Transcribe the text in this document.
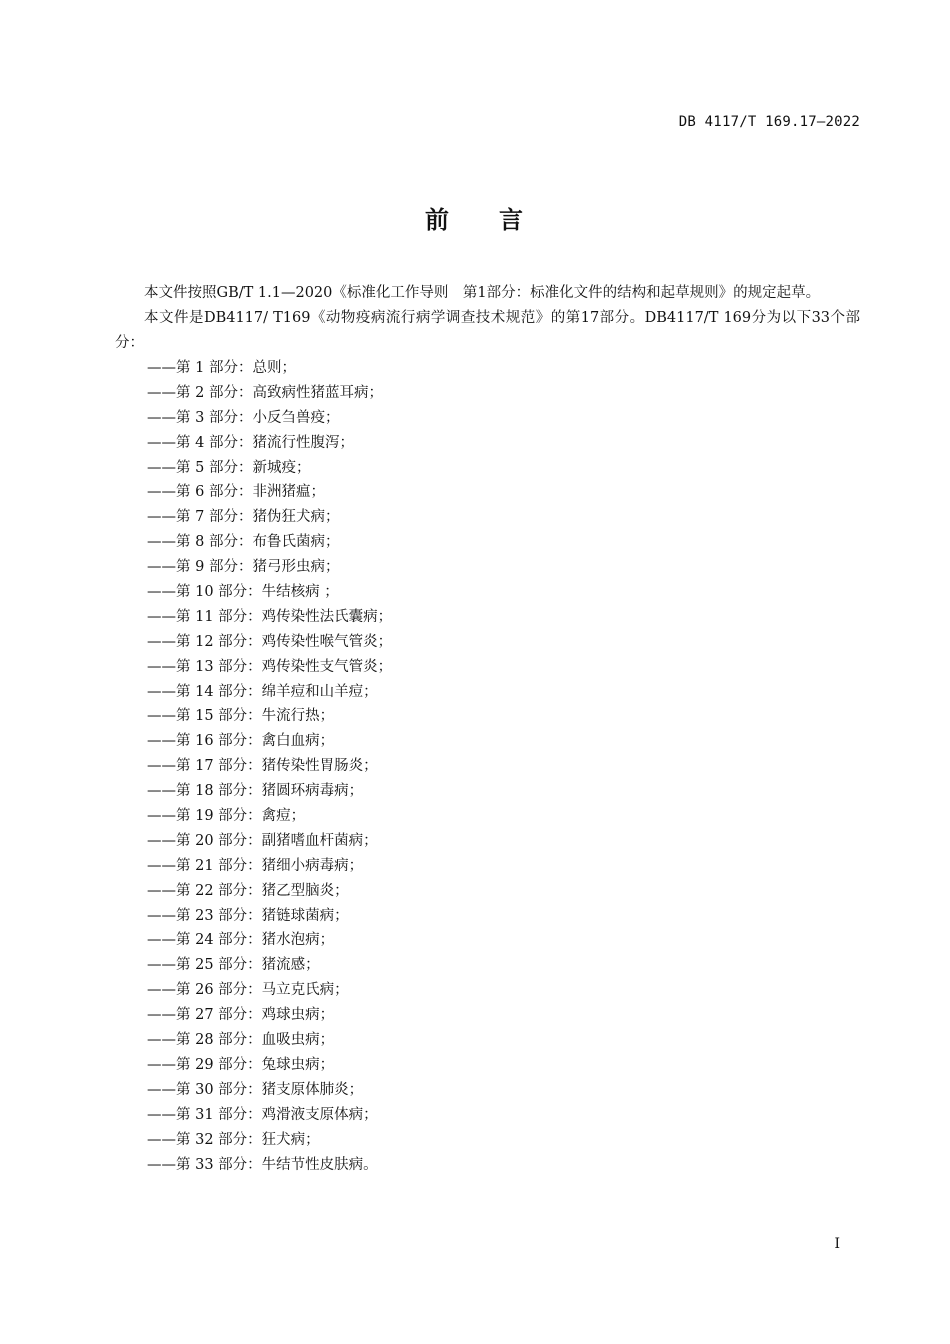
DB 4117/T 169.17—2022
前 言

本文件按照GB/T 1.1—2020《标准化工作导则　第1部分：标准化文件的结构和起草规则》的规定起草。

本文件是DB4117/ T169《动物疫病流行病学调查技术规范》的第17部分。DB4117/T 169分为以下33个部分：

——第 1 部分：总则；
——第 2 部分：高致病性猪蓝耳病；
——第 3 部分：小反刍兽疫；
——第 4 部分：猪流行性腹泻；
——第 5 部分：新城疫；
——第 6 部分：非洲猪瘟；
——第 7 部分：猪伪狂犬病；
——第 8 部分：布鲁氏菌病；
——第 9 部分：猪弓形虫病；
——第 10 部分：牛结核病 ；
——第 11 部分：鸡传染性法氏囊病；
——第 12 部分：鸡传染性喉气管炎；
——第 13 部分：鸡传染性支气管炎；
——第 14 部分：绵羊痘和山羊痘；
——第 15 部分：牛流行热；
——第 16 部分：禽白血病；
——第 17 部分：猪传染性胃肠炎；
——第 18 部分：猪圆环病毒病；
——第 19 部分：禽痘；
——第 20 部分：副猪嗜血杆菌病；
——第 21 部分：猪细小病毒病；
——第 22 部分：猪乙型脑炎；
——第 23 部分：猪链球菌病；
——第 24 部分：猪水泡病；
——第 25 部分：猪流感；
——第 26 部分：马立克氏病；
——第 27 部分：鸡球虫病；
——第 28 部分：血吸虫病；
——第 29 部分：兔球虫病；
——第 30 部分：猪支原体肺炎；
——第 31 部分：鸡滑液支原体病；
——第 32 部分：狂犬病；
——第 33 部分：牛结节性皮肤病。
I
